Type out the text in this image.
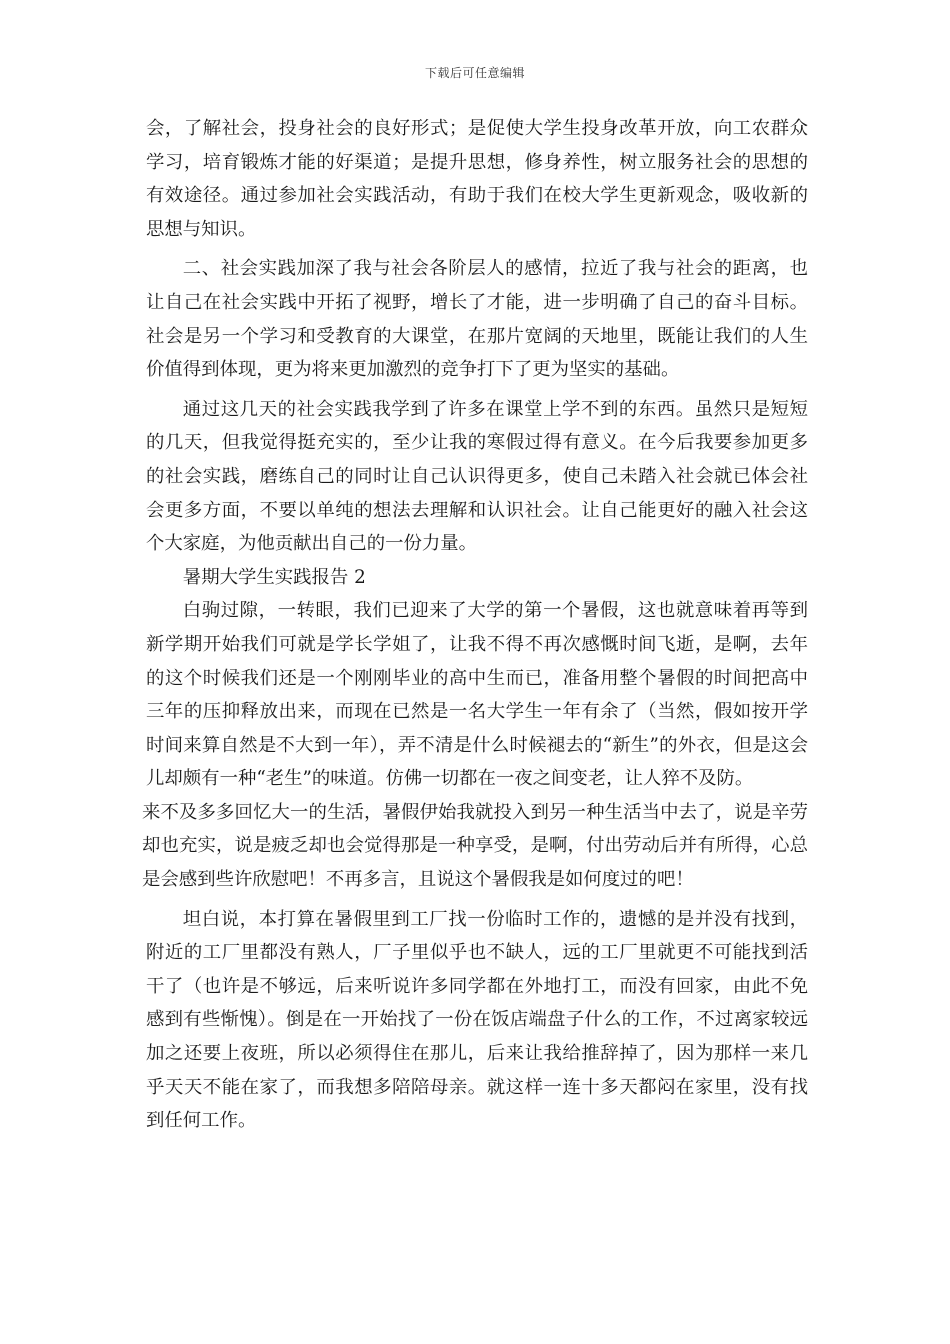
下载后可任意编辑

会，了解社会，投身社会的良好形式；是促使大学生投身改革开放，向工农群众学习，培育锻炼才能的好渠道；是提升思想，修身养性，树立服务社会的思想的有效途径。通过参加社会实践活动，有助于我们在校大学生更新观念，吸收新的思想与知识。

二、社会实践加深了我与社会各阶层人的感情，拉近了我与社会的距离，也让自己在社会实践中开拓了视野，增长了才能，进一步明确了自己的奋斗目标。社会是另一个学习和受教育的大课堂，在那片宽阔的天地里，既能让我们的人生价值得到体现，更为将来更加激烈的竞争打下了更为坚实的基础。

通过这几天的社会实践我学到了许多在课堂上学不到的东西。虽然只是短短的几天，但我觉得挺充实的，至少让我的寒假过得有意义。在今后我要参加更多的社会实践，磨练自己的同时让自己认识得更多，使自己未踏入社会就已体会社会更多方面，不要以单纯的想法去理解和认识社会。让自己能更好的融入社会这个大家庭，为他贡献出自己的一份力量。

暑期大学生实践报告 2

白驹过隙，一转眼，我们已迎来了大学的第一个暑假，这也就意味着再等到新学期开始我们可就是学长学姐了，让我不得不再次感慨时间飞逝，是啊，去年的这个时候我们还是一个刚刚毕业的高中生而已，准备用整个暑假的时间把高中三年的压抑释放出来，而现在已然是一名大学生一年有余了（当然，假如按开学时间来算自然是不大到一年），弄不清是什么时候褪去的“新生”的外衣，但是这会儿却颇有一种“老生”的味道。仿佛一切都在一夜之间变老，让人猝不及防。

来不及多多回忆大一的生活，暑假伊始我就投入到另一种生活当中去了，说是辛劳却也充实，说是疲乏却也会觉得那是一种享受，是啊，付出劳动后并有所得，心总是会感到些许欣慰吧！不再多言，且说这个暑假我是如何度过的吧！

坦白说，本打算在暑假里到工厂找一份临时工作的，遗憾的是并没有找到，附近的工厂里都没有熟人，厂子里似乎也不缺人，远的工厂里就更不可能找到活干了（也许是不够远，后来听说许多同学都在外地打工，而没有回家，由此不免感到有些惭愧）。倒是在一开始找了一份在饭店端盘子什么的工作，不过离家较远加之还要上夜班，所以必须得住在那儿，后来让我给推辞掉了，因为那样一来几乎天天不能在家了，而我想多陪陪母亲。就这样一连十多天都闷在家里，没有找到任何工作。
